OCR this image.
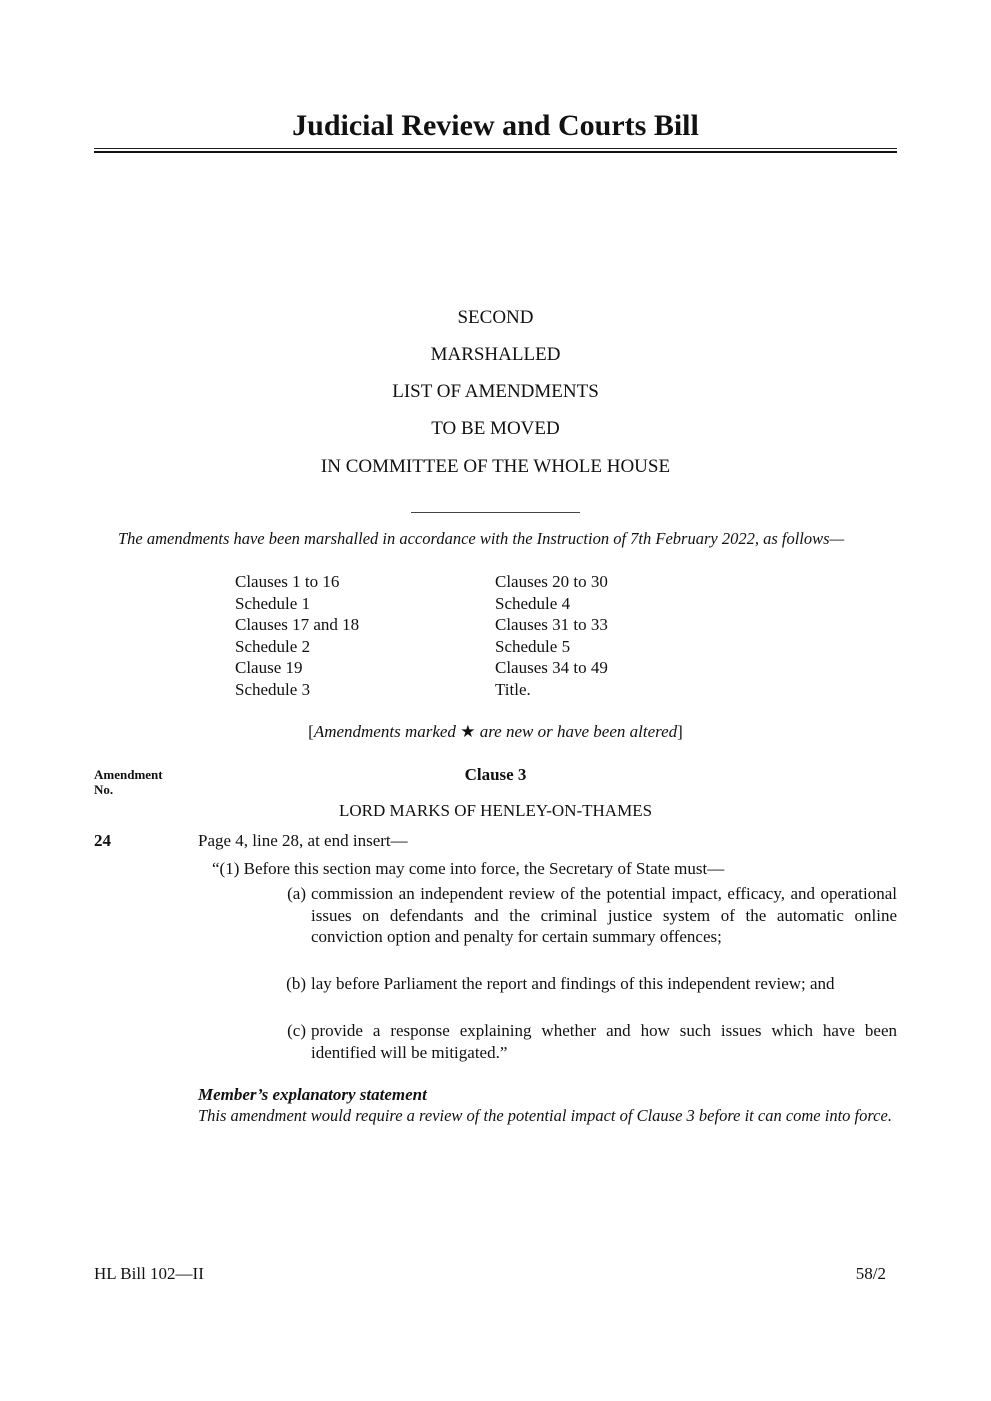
Judicial Review and Courts Bill
SECOND
MARSHALLED
LIST OF AMENDMENTS
TO BE MOVED
IN COMMITTEE OF THE WHOLE HOUSE
The amendments have been marshalled in accordance with the Instruction of 7th February 2022, as follows—
Clauses 1 to 16
Schedule 1
Clauses 17 and 18
Schedule 2
Clause 19
Schedule 3
Clauses 20 to 30
Schedule 4
Clauses 31 to 33
Schedule 5
Clauses 34 to 49
Title.
[Amendments marked ★ are new or have been altered]
Amendment No.
Clause 3
LORD MARKS OF HENLEY-ON-THAMES
24	Page 4, line 28, at end insert—
“(1) Before this section may come into force, the Secretary of State must—
(a) commission an independent review of the potential impact, efficacy, and operational issues on defendants and the criminal justice system of the automatic online conviction option and penalty for certain summary offences;
(b) lay before Parliament the report and findings of this independent review; and
(c) provide a response explaining whether and how such issues which have been identified will be mitigated.”
Member’s explanatory statement
This amendment would require a review of the potential impact of Clause 3 before it can come into force.
HL Bill 102—II	58/2
